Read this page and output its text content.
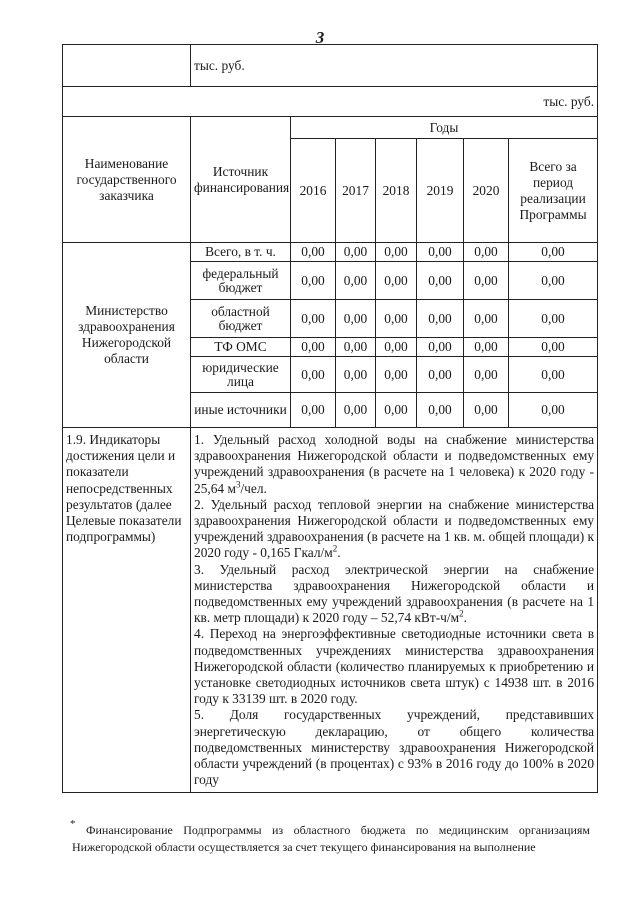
3
	тыс. руб.						
тыс. руб.							
Наименование государственного заказчика	Источник финансирования	Годы					
		2016	2017	2018	2019	2020	Всего за период реализации Программы
Министерство здравоохранения Нижегородской области	Всего, в т. ч.	0,00	0,00	0,00	0,00	0,00	0,00
	федеральный бюджет	0,00	0,00	0,00	0,00	0,00	0,00
	областной бюджет	0,00	0,00	0,00	0,00	0,00	0,00
	ТФ ОМС	0,00	0,00	0,00	0,00	0,00	0,00
	юридические лица	0,00	0,00	0,00	0,00	0,00	0,00
	иные источники	0,00	0,00	0,00	0,00	0,00	0,00
1.9. Индикаторы достижения цели и показатели непосредственных результатов (далее Целевые показатели подпрограммы)	1. Удельный расход холодной воды на снабжение министерства здравоохранения Нижегородской области и подведомственных ему учреждений здравоохранения (в расчете на 1 человека) к 2020 году - 25,64 $м^3$/чел.

2. Удельный расход тепловой энергии на снабжение министерства здравоохранения Нижегородской области и подведомственных ему учреждений здравоохранения (в расчете на 1 кв. м. общей площади) к 2020 году - 0,165 Гкал/$м^2$.

3. Удельный расход электрической энергии на снабжение министерства здравоохранения Нижегородской области и подведомственных ему учреждений здравоохранения (в расчете на 1 кв. метр площади) к 2020 году – 52,74 кВт-$ч/м^2$.

4. Переход на энергоэффективные светодиодные источники света в подведомственных учреждениях министерства здравоохранения Нижегородской области (количество планируемых к приобретению и установке светодиодных источников света штук) с 14938 шт. в 2016 году к 33139 шт. в 2020 году.

5. Доля государственных учреждений, представивших энергетическую декларацию, от общего количества подведомственных министерству здравоохранения Нижегородской области учреждений (в процентах) с 93% в 2016 году до 100% в 2020 году						

* Финансирование Подпрограммы из областного бюджета по медицинским организациям Нижегородской области осуществляется за счет текущего финансирования на выполнение
